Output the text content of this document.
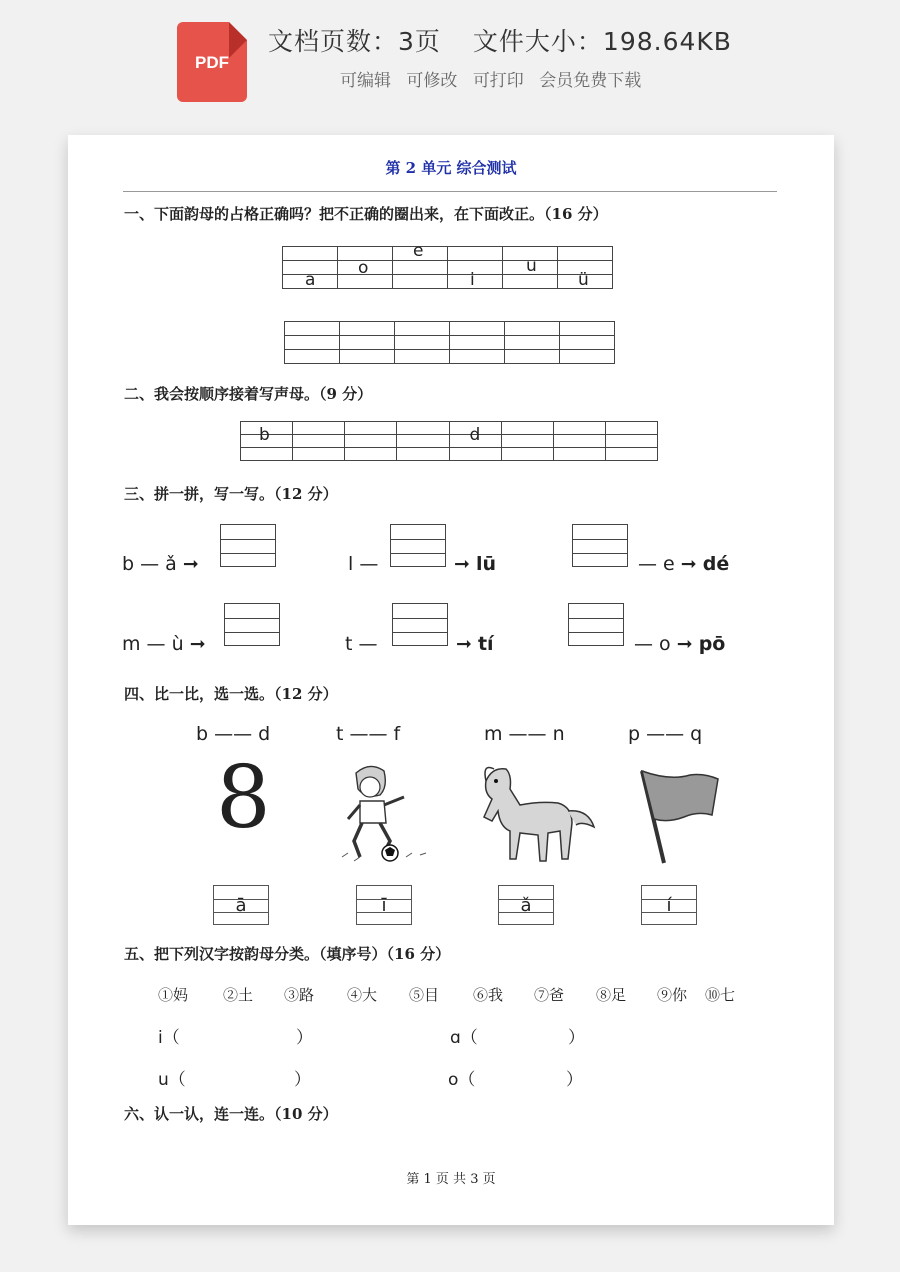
PDF
文档页数：3页 文件大小：198.64KB
可编辑 可修改 可打印 会员免费下载
第 2 单元 综合测试
一、下面韵母的占格正确吗？把不正确的圈出来，在下面改正。（16 分）

		e			

	o			u	

a			i		ü

二、我会按顺序接着写声母。（9 分）
b				d			

三、拼一拼，写一写。（12 分）
b — ǎ ➞	l —	➞ lū	— e ➞ dé
m — ù ➞	t —	➞ tí	— o ➞ pō
四、比一比，选一选。（12 分）
b —— d	t —— f	m —— n	p —— q
8
ā	ī	ǎ	í
五、把下列汉字按韵母分类。（填序号）（16 分）
①妈 ②土 ③路 ④大 ⑤目 ⑥我 ⑦爸 ⑧足 ⑨你 ⑩七
i（	）	ɑ（	）
u（	）	o（	）
六、认一认，连一连。（10 分）
第 1 页 共 3 页
